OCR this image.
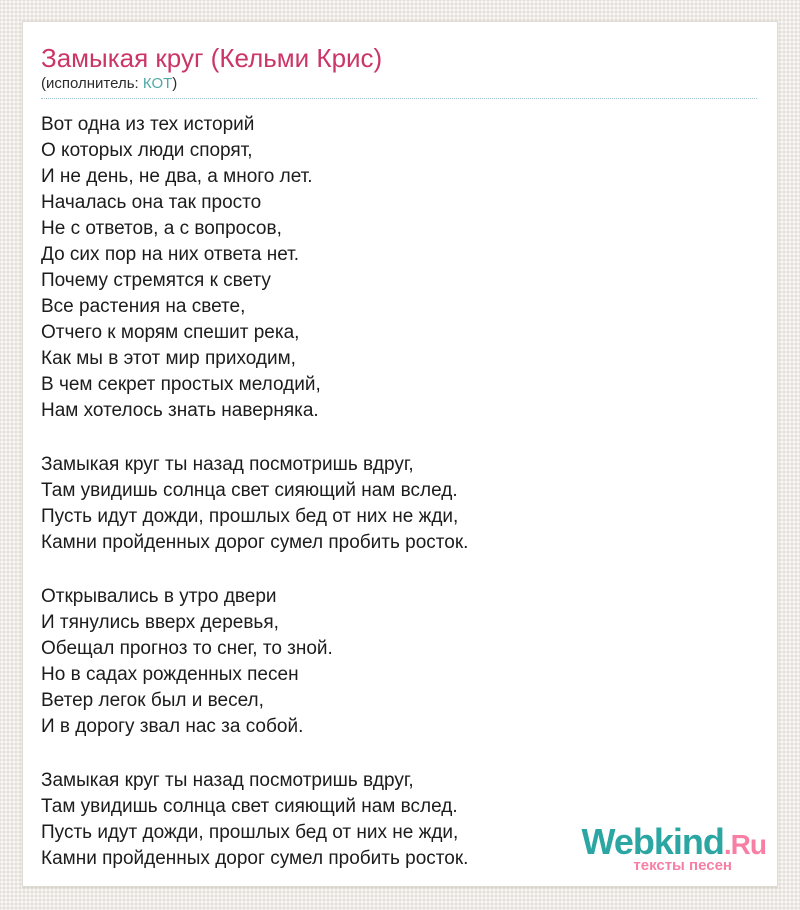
Замыкая круг (Кельми Крис)
(исполнитель: КОТ)
Вот одна из тех историй
О которых люди спорят,
И не день, не два, а много лет.
Началась она так просто
Не с ответов, а с вопросов,
До сих пор на них ответа нет.
Почему стремятся к свету
Все растения на свете,
Отчего к морям спешит река,
Как мы в этот мир приходим,
В чем секрет простых мелодий,
Нам хотелось знать наверняка.
Замыкая круг ты назад посмотришь вдруг,
Там увидишь солнца свет сияющий нам вслед.
Пусть идут дожди, прошлых бед от них не жди,
Камни пройденных дорог сумел пробить росток.
Открывались в утро двери
И тянулись вверх деревья,
Обещал прогноз то снег, то зной.
Но в садах рожденных песен
Ветер легок был и весел,
И в дорогу звал нас за собой.
Замыкая круг ты назад посмотришь вдруг,
Там увидишь солнца свет сияющий нам вслед.
Пусть идут дожди, прошлых бед от них не жди,
Камни пройденных дорог сумел пробить росток.	Webkind.Ru
тексты песен
